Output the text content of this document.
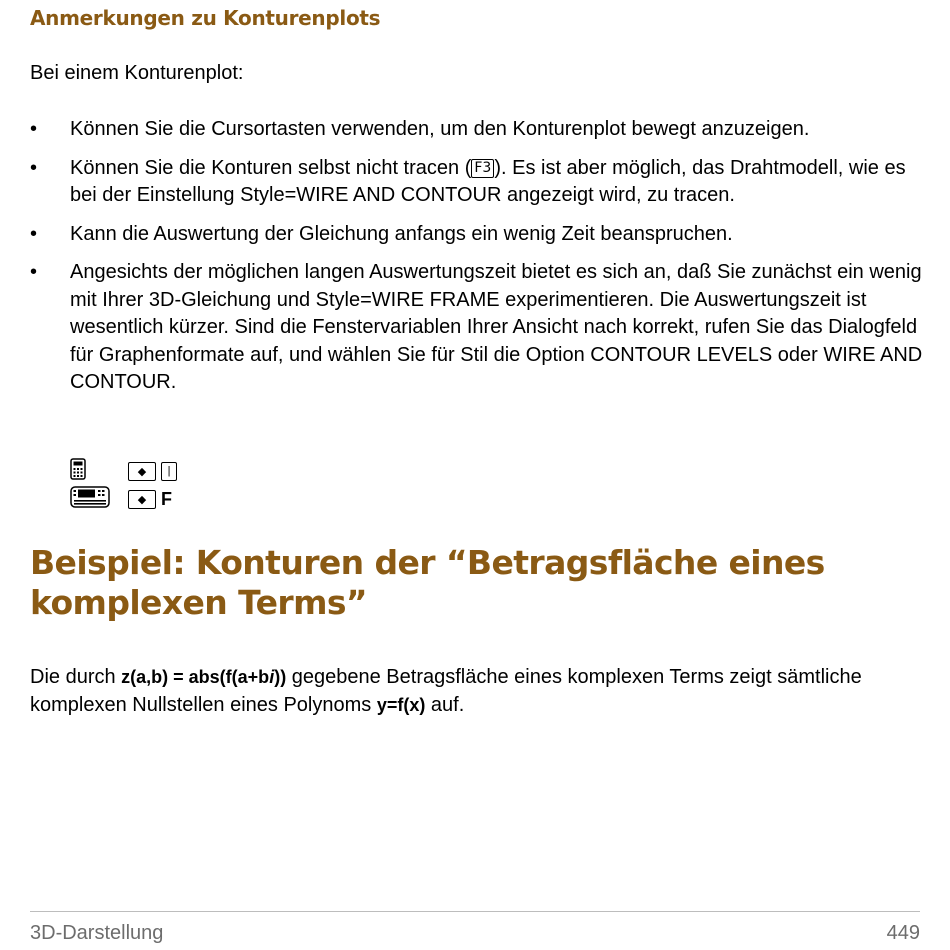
Anmerkungen zu Konturenplots

Bei einem Konturenplot:

• Können Sie die Cursortasten verwenden, um den Konturenplot bewegt anzuzeigen.
• Können Sie die Konturen selbst nicht tracen ( F3 ). Es ist aber möglich, das Drahtmodell, wie es bei der Einstellung Style=WIRE AND CONTOUR angezeigt wird, zu tracen.
• Kann die Auswertung der Gleichung anfangs ein wenig Zeit beanspruchen.
• Angesichts der möglichen langen Auswertungszeit bietet es sich an, daß Sie zunächst ein wenig mit Ihrer 3D-Gleichung und Style=WIRE FRAME experimentieren. Die Auswertungszeit ist wesentlich kürzer. Sind die Fenstervariablen Ihrer Ansicht nach korrekt, rufen Sie das Dialogfeld für Graphenformate auf, und wählen Sie für Stil die Option CONTOUR LEVELS oder WIRE AND CONTOUR.
◆	|
◆ F
Beispiel: Konturen der “Betragsfläche eines komplexen Terms”

Die durch z(a,b) = abs(f(a+bi)) gegebene Betragsfläche eines komplexen Terms zeigt sämtliche komplexen Nullstellen eines Polynoms y=f(x) auf.

3D-Darstellung	449
